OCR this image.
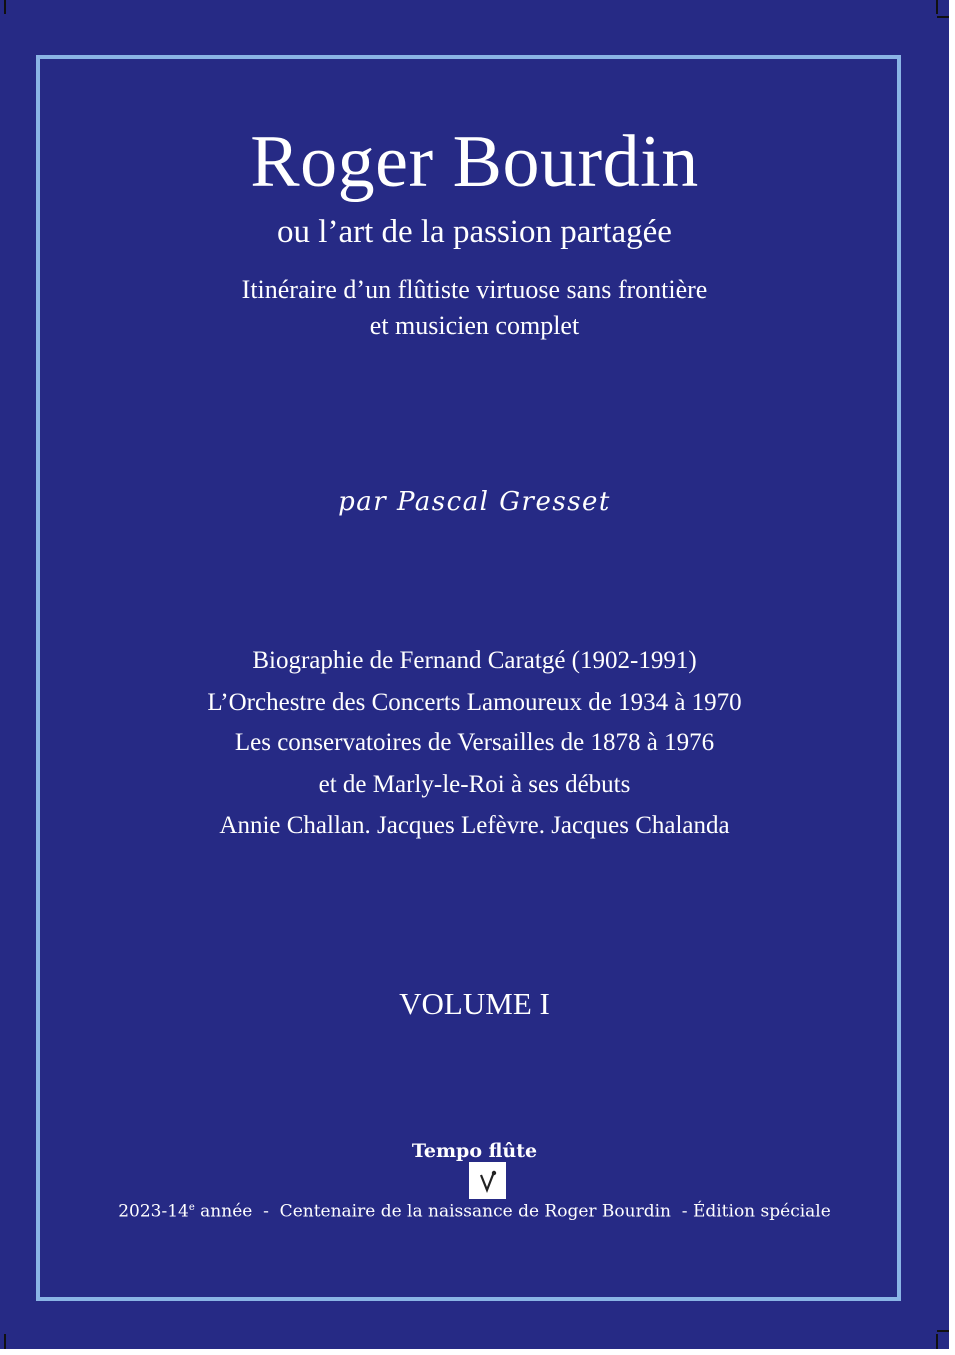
Roger Bourdin
ou l’art de la passion partagée
Itinéraire d’un flûtiste virtuose sans frontière
et musicien complet
par Pascal Gresset
Biographie de Fernand Caratgé (1902-1991)
L’Orchestre des Concerts Lamoureux de 1934 à 1970
Les conservatoires de Versailles de 1878 à 1976
et de Marly-le-Roi à ses débuts
Annie Challan. Jacques Lefèvre. Jacques Chalanda
VOLUME I
Tempo flûte
2023-14e année  -  Centenaire de la naissance de Roger Bourdin  - Édition spéciale
